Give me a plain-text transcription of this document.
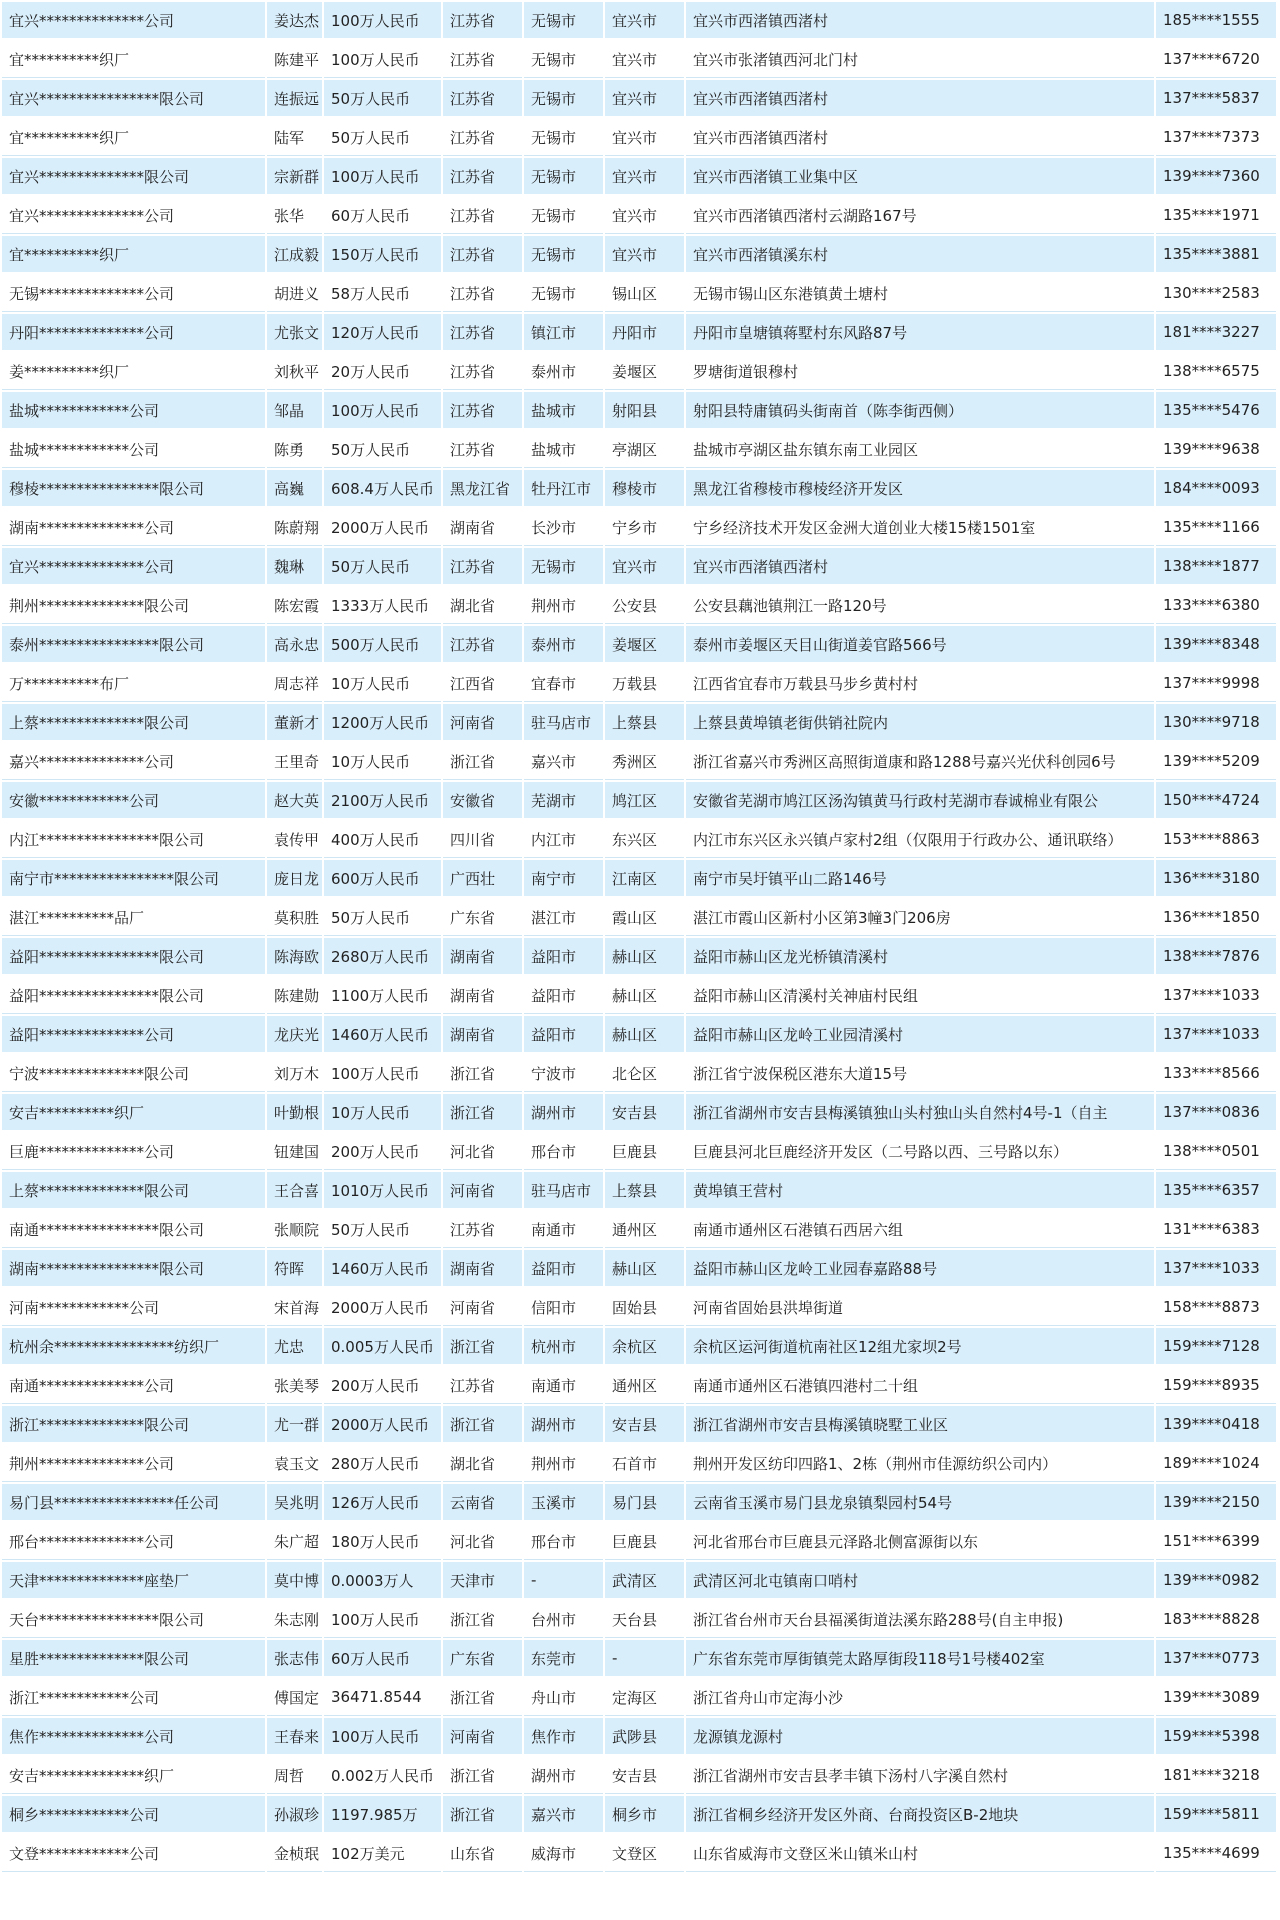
宜兴**************公司	姜达杰	100万人民币	江苏省	无锡市	宜兴市	宜兴市西渚镇西渚村	185****1555
宜**********织厂	陈建平	100万人民币	江苏省	无锡市	宜兴市	宜兴市张渚镇西河北门村	137****6720
宜兴****************限公司	连振远	50万人民币	江苏省	无锡市	宜兴市	宜兴市西渚镇西渚村	137****5837
宜**********织厂	陆军	50万人民币	江苏省	无锡市	宜兴市	宜兴市西渚镇西渚村	137****7373
宜兴**************限公司	宗新群	100万人民币	江苏省	无锡市	宜兴市	宜兴市西渚镇工业集中区	139****7360
宜兴**************公司	张华	60万人民币	江苏省	无锡市	宜兴市	宜兴市西渚镇西渚村云湖路167号	135****1971
宜**********织厂	江成毅	150万人民币	江苏省	无锡市	宜兴市	宜兴市西渚镇溪东村	135****3881
无锡**************公司	胡进义	58万人民币	江苏省	无锡市	锡山区	无锡市锡山区东港镇黄土塘村	130****2583
丹阳**************公司	尤张文	120万人民币	江苏省	镇江市	丹阳市	丹阳市皇塘镇蒋墅村东风路87号	181****3227
姜**********织厂	刘秋平	20万人民币	江苏省	泰州市	姜堰区	罗塘街道银穆村	138****6575
盐城************公司	邹晶	100万人民币	江苏省	盐城市	射阳县	射阳县特庸镇码头街南首（陈李街西侧）	135****5476
盐城************公司	陈勇	50万人民币	江苏省	盐城市	亭湖区	盐城市亭湖区盐东镇东南工业园区	139****9638
穆棱****************限公司	高巍	608.4万人民币	黑龙江省	牡丹江市	穆棱市	黑龙江省穆棱市穆棱经济开发区	184****0093
湖南**************公司	陈蔚翔	2000万人民币	湖南省	长沙市	宁乡市	宁乡经济技术开发区金洲大道创业大楼15楼1501室	135****1166
宜兴**************公司	魏琳	50万人民币	江苏省	无锡市	宜兴市	宜兴市西渚镇西渚村	138****1877
荆州**************限公司	陈宏霞	1333万人民币	湖北省	荆州市	公安县	公安县藕池镇荆江一路120号	133****6380
泰州****************限公司	高永忠	500万人民币	江苏省	泰州市	姜堰区	泰州市姜堰区天目山街道姜官路566号	139****8348
万**********布厂	周志祥	10万人民币	江西省	宜春市	万载县	江西省宜春市万载县马步乡黄村村	137****9998
上蔡**************限公司	董新才	1200万人民币	河南省	驻马店市	上蔡县	上蔡县黄埠镇老街供销社院内	130****9718
嘉兴**************公司	王里奇	10万人民币	浙江省	嘉兴市	秀洲区	浙江省嘉兴市秀洲区高照街道康和路1288号嘉兴光伏科创园6号	139****5209
安徽************公司	赵大英	2100万人民币	安徽省	芜湖市	鸠江区	安徽省芜湖市鸠江区汤沟镇黄马行政村芜湖市春诚棉业有限公	150****4724
内江****************限公司	袁传甲	400万人民币	四川省	内江市	东兴区	内江市东兴区永兴镇卢家村2组（仅限用于行政办公、通讯联络）	153****8863
南宁市****************限公司	庞日龙	600万人民币	广西壮	南宁市	江南区	南宁市吴圩镇平山二路146号	136****3180
湛江**********品厂	莫积胜	50万人民币	广东省	湛江市	霞山区	湛江市霞山区新村小区第3幢3门206房	136****1850
益阳****************限公司	陈海欧	2680万人民币	湖南省	益阳市	赫山区	益阳市赫山区龙光桥镇清溪村	138****7876
益阳****************限公司	陈建勋	1100万人民币	湖南省	益阳市	赫山区	益阳市赫山区清溪村关神庙村民组	137****1033
益阳**************公司	龙庆光	1460万人民币	湖南省	益阳市	赫山区	益阳市赫山区龙岭工业园清溪村	137****1033
宁波**************限公司	刘万木	100万人民币	浙江省	宁波市	北仑区	浙江省宁波保税区港东大道15号	133****8566
安吉**********织厂	叶勤根	10万人民币	浙江省	湖州市	安吉县	浙江省湖州市安吉县梅溪镇独山头村独山头自然村4号-1（自主	137****0836
巨鹿**************公司	钮建国	200万人民币	河北省	邢台市	巨鹿县	巨鹿县河北巨鹿经济开发区（二号路以西、三号路以东）	138****0501
上蔡**************限公司	王合喜	1010万人民币	河南省	驻马店市	上蔡县	黄埠镇王营村	135****6357
南通****************限公司	张顺院	50万人民币	江苏省	南通市	通州区	南通市通州区石港镇石西居六组	131****6383
湖南****************限公司	符晖	1460万人民币	湖南省	益阳市	赫山区	益阳市赫山区龙岭工业园春嘉路88号	137****1033
河南************公司	宋首海	2000万人民币	河南省	信阳市	固始县	河南省固始县洪埠街道	158****8873
杭州余****************纺织厂	尤忠	0.005万人民币	浙江省	杭州市	余杭区	余杭区运河街道杭南社区12组尤家坝2号	159****7128
南通**************公司	张美琴	200万人民币	江苏省	南通市	通州区	南通市通州区石港镇四港村二十组	159****8935
浙江**************限公司	尤一群	2000万人民币	浙江省	湖州市	安吉县	浙江省湖州市安吉县梅溪镇晓墅工业区	139****0418
荆州**************公司	袁玉文	280万人民币	湖北省	荆州市	石首市	荆州开发区纺印四路1、2栋（荆州市佳源纺织公司内）	189****1024
易门县****************任公司	吴兆明	126万人民币	云南省	玉溪市	易门县	云南省玉溪市易门县龙泉镇梨园村54号	139****2150
邢台**************公司	朱广超	180万人民币	河北省	邢台市	巨鹿县	河北省邢台市巨鹿县元泽路北侧富源街以东	151****6399
天津**************座垫厂	莫中博	0.0003万人	天津市	-	武清区	武清区河北屯镇南口哨村	139****0982
天台****************限公司	朱志刚	100万人民币	浙江省	台州市	天台县	浙江省台州市天台县福溪街道法溪东路288号(自主申报)	183****8828
星胜**************限公司	张志伟	60万人民币	广东省	东莞市	-	广东省东莞市厚街镇莞太路厚街段118号1号楼402室	137****0773
浙江************公司	傅国定	36471.8544	浙江省	舟山市	定海区	浙江省舟山市定海小沙	139****3089
焦作**************公司	王春来	100万人民币	河南省	焦作市	武陟县	龙源镇龙源村	159****5398
安吉**************织厂	周哲	0.002万人民币	浙江省	湖州市	安吉县	浙江省湖州市安吉县孝丰镇下汤村八字溪自然村	181****3218
桐乡************公司	孙淑珍	1197.985万	浙江省	嘉兴市	桐乡市	浙江省桐乡经济开发区外商、台商投资区B-2地块	159****5811
文登************公司	金桢珉	102万美元	山东省	威海市	文登区	山东省威海市文登区米山镇米山村	135****4699
